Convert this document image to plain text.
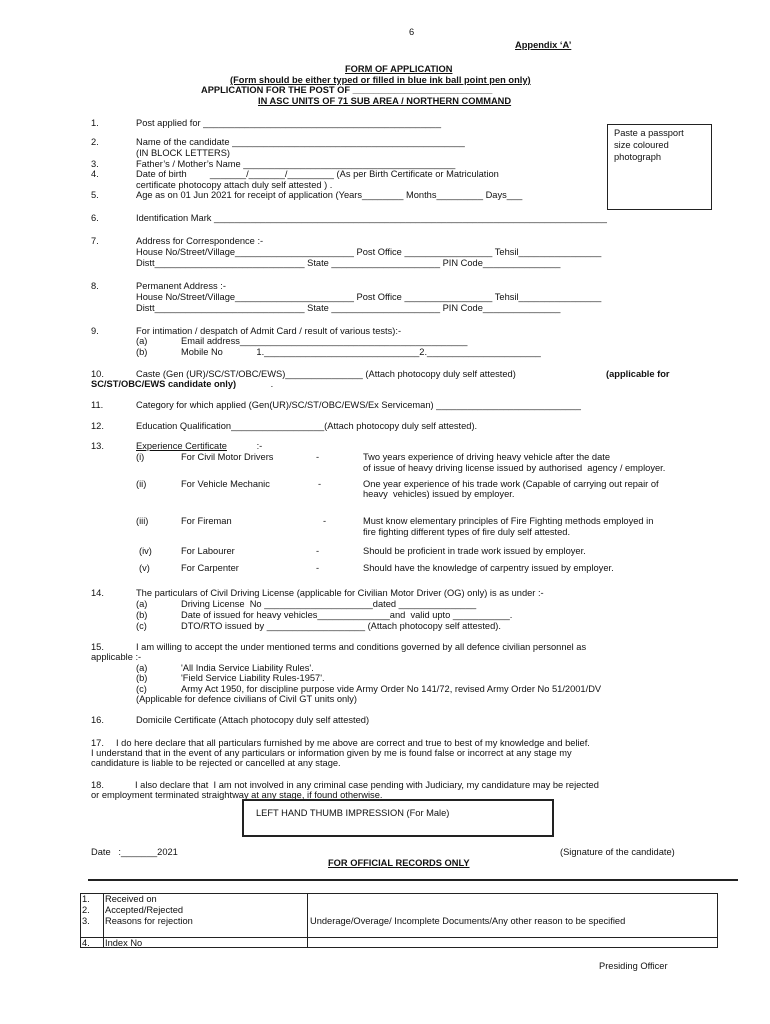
6
Appendix ‘A’
FORM OF APPLICATION
(Form should be either typed or filled in blue ink ball point pen only)
APPLICATION FOR THE POST OF ___________________________
IN ASC UNITS OF 71 SUB AREA / NORTHERN COMMAND
Paste a passport
size coloured
photograph
1.	Post applied for ______________________________________________
2.	Name of the candidate _____________________________________________
(IN BLOCK LETTERS)
3.	Father’s / Mother’s Name _________________________________________
4.	Date of birth         _______/_______/_________ (As per Birth Certificate or Matriculation
certificate photocopy attach duly self attested ) .
5.	Age as on 01 Jun 2021 for receipt of application (Years________ Months_________ Days___
6.	Identification Mark ____________________________________________________________________________
7.	Address for Correspondence :-
House No/Street/Village_______________________ Post Office _________________ Tehsil________________
Distt_____________________________ State _____________________ PIN Code_______________
8.	Permanent Address :-
House No/Street/Village_______________________ Post Office _________________ Tehsil________________
Distt_____________________________ State _____________________ PIN Code_______________
9.	For intimation / despatch of Admit Card / result of various tests):-
(a)	Email address____________________________________________
(b)	Mobile No             1.______________________________2.______________________
10.	Caste (Gen (UR)/SC/ST/OBC/EWS)_______________ (Attach photocopy duly self attested)	(applicable for
SC/ST/OBC/EWS candidate only)	.
11.	Category for which applied (Gen(UR)/SC/ST/OBC/EWS/Ex Serviceman) ____________________________
12.	Education Qualification__________________(Attach photocopy duly self attested).
13.	Experience Certificate	:-
(i)	For Civil Motor Drivers	-	Two years experience of driving heavy vehicle after the date
of issue of heavy driving license issued by authorised  agency / employer.
(ii)	For Vehicle Mechanic	-	One year experience of his trade work (Capable of carrying out repair of
heavy  vehicles) issued by employer.
(iii)	For Fireman	-	Must know elementary principles of Fire Fighting methods employed in
fire fighting different types of fire duly self attested.
(iv)	For Labourer	-	Should be proficient in trade work issued by employer.
(v)	For Carpenter	-	Should have the knowledge of carpentry issued by employer.
14.	The particulars of Civil Driving License (applicable for Civilian Motor Driver (OG) only) is as under :-
(a)	Driving License  No _____________________dated _______________
(b)	Date of issued for heavy vehicles______________and  valid upto ___________.
(c)	DTO/RTO issued by ___________________ (Attach photocopy self attested).
15.	I am willing to accept the under mentioned terms and conditions governed by all defence civilian personnel as
applicable :-
(a)	'All India Service Liability Rules'.
(b)	'Field Service Liability Rules-1957'.
(c)	Army Act 1950, for discipline purpose vide Army Order No 141/72, revised Army Order No 51/2001/DV
(Applicable for defence civilians of Civil GT units only)
16.	Domicile Certificate (Attach photocopy duly self attested)
17. I do here declare that all particulars furnished by me above are correct and true to best of my knowledge and belief.
I understand that in the event of any particulars or information given by me is found false or incorrect at any stage my
candidature is liable to be rejected or cancelled at any stage.
18.	I also declare that  I am not involved in any criminal case pending with Judiciary, my candidature may be rejected
or employment terminated straightway at any stage, if found otherwise.
LEFT HAND THUMB IMPRESSION (For Male)
Date   :_______2021	(Signature of the candidate)
FOR OFFICIAL RECORDS ONLY
1. Received on
2. Accepted/Rejected
3. Reasons for rejection	Underage/Overage/ Incomplete Documents/Any other reason to be specified
4. Index No
Presiding Officer
